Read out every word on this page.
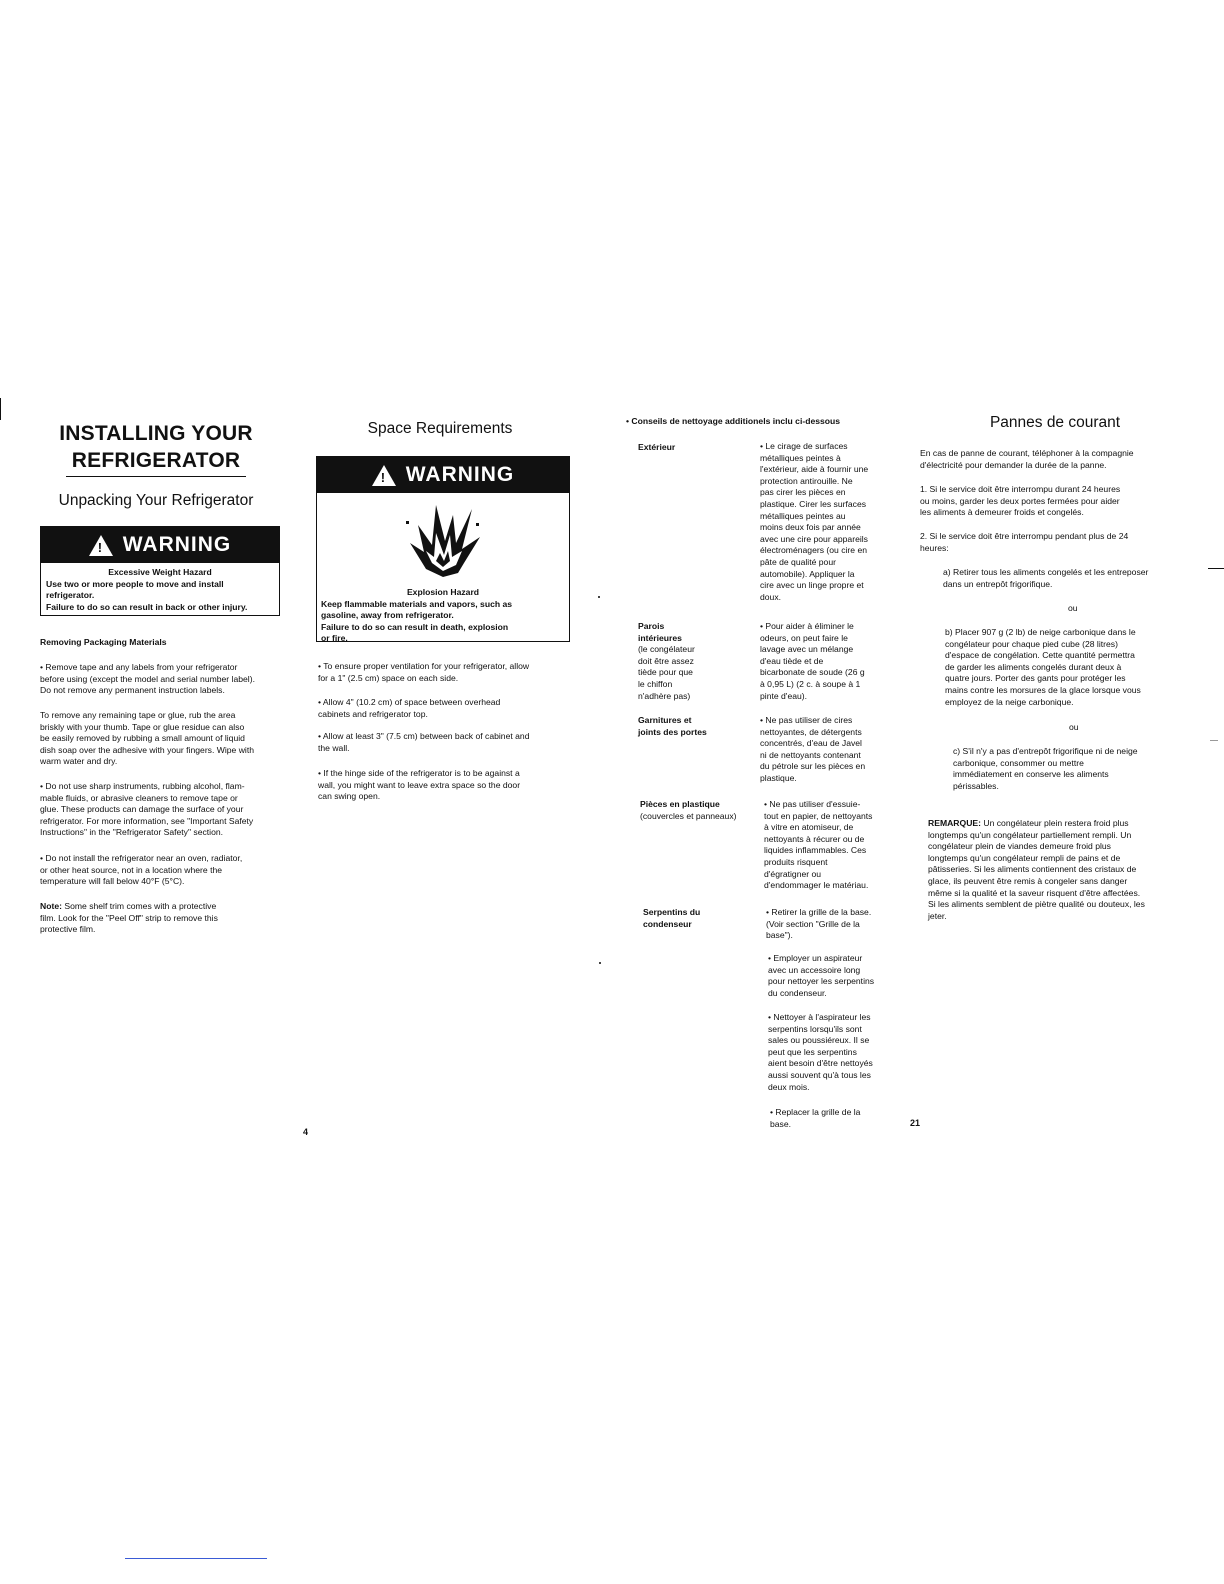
INSTALLING YOUR
REFRIGERATOR
Unpacking Your Refrigerator
! WARNING
Excessive Weight Hazard
Use two or more people to move and install
refrigerator.
Failure to do so can result in back or other injury.
Removing Packaging Materials
• Remove tape and any labels from your refrigerator
before using (except the model and serial number label).
Do not remove any permanent instruction labels.
To remove any remaining tape or glue, rub the area
briskly with your thumb. Tape or glue residue can also
be easily removed by rubbing a small amount of liquid
dish soap over the adhesive with your fingers. Wipe with
warm water and dry.
• Do not use sharp instruments, rubbing alcohol, flam-
mable fluids, or abrasive cleaners to remove tape or
glue. These products can damage the surface of your
refrigerator. For more information, see "Important Safety
Instructions" in the "Refrigerator Safety" section.
• Do not install the refrigerator near an oven, radiator,
or other heat source, not in a location where the
temperature will fall below 40°F (5°C).
Note: Some shelf trim comes with a protective
film. Look for the "Peel Off" strip to remove this
protective film.
Space Requirements
! WARNING
Explosion Hazard
Keep flammable materials and vapors, such as
gasoline, away from refrigerator.
Failure to do so can result in death, explosion
or fire.
• To ensure proper ventilation for your refrigerator, allow
for a 1" (2.5 cm) space on each side.
• Allow 4" (10.2 cm) of space between overhead
cabinets and refrigerator top.
• Allow at least 3" (7.5 cm) between back of cabinet and
the wall.
• If the hinge side of the refrigerator is to be against a
wall, you might want to leave extra space so the door
can swing open.
4
• Conseils de nettoyage additionels inclu ci-dessous
Extérieur	• Le cirage de surfaces
métalliques peintes à
l'extérieur, aide à fournir une
protection antirouille. Ne
pas cirer les pièces en
plastique. Cirer les surfaces
métalliques peintes au
moins deux fois par année
avec une cire pour appareils
électroménagers (ou cire en
pâte de qualité pour
automobile). Appliquer la
cire avec un linge propre et
doux.
Parois
intérieures
(le congélateur
doit être assez
tiède pour que
le chiffon
n'adhère pas)
• Pour aider à éliminer le
odeurs, on peut faire le
lavage avec un mélange
d'eau tiède et de
bicarbonate de soude (26 g
à 0,95 L) (2 c. à soupe à 1
pinte d'eau).
Garnitures et
joints des portes
• Ne pas utiliser de cires
nettoyantes, de détergents
concentrés, d'eau de Javel
ni de nettoyants contenant
du pétrole sur les pièces en
plastique.
Pièces en plastique
(couvercles et panneaux)
• Ne pas utiliser d'essuie-
tout en papier, de nettoyants
à vitre en atomiseur, de
nettoyants à récurer ou de
liquides inflammables. Ces
produits risquent
d'égratigner ou
d'endommager le matériau.
Serpentins du
condenseur
• Retirer la grille de la base.
(Voir section "Grille de la
base").
• Employer un aspirateur
avec un accessoire long
pour nettoyer les serpentins
du condenseur.
• Nettoyer à l'aspirateur les
serpentins lorsqu'ils sont
sales ou poussiéreux. Il se
peut que les serpentins
aient besoin d'être nettoyés
aussi souvent qu'à tous les
deux mois.
• Replacer la grille de la
base.
Pannes de courant
En cas de panne de courant, téléphoner à la compagnie
d'électricité pour demander la durée de la panne.
1. Si le service doit être interrompu durant 24 heures
ou moins, garder les deux portes fermées pour aider
les aliments à demeurer froids et congelés.
2. Si le service doit être interrompu pendant plus de 24
heures:
a) Retirer tous les aliments congelés et les entreposer
dans un entrepôt frigorifique.
ou
b) Placer 907 g (2 lb) de neige carbonique dans le
congélateur pour chaque pied cube (28 litres)
d'espace de congélation. Cette quantité permettra
de garder les aliments congelés durant deux à
quatre jours. Porter des gants pour protéger les
mains contre les morsures de la glace lorsque vous
employez de la neige carbonique.
ou
c) S'il n'y a pas d'entrepôt frigorifique ni de neige
carbonique, consommer ou mettre
immédiatement en conserve les aliments
périssables.
REMARQUE: Un congélateur plein restera froid plus
longtemps qu'un congélateur partiellement rempli. Un
congélateur plein de viandes demeure froid plus
longtemps qu'un congélateur rempli de pains et de
pâtisseries. Si les aliments contiennent des cristaux de
glace, ils peuvent être remis à congeler sans danger
même si la qualité et la saveur risquent d'être affectées.
Si les aliments semblent de piètre qualité ou douteux, les
jeter.
21
